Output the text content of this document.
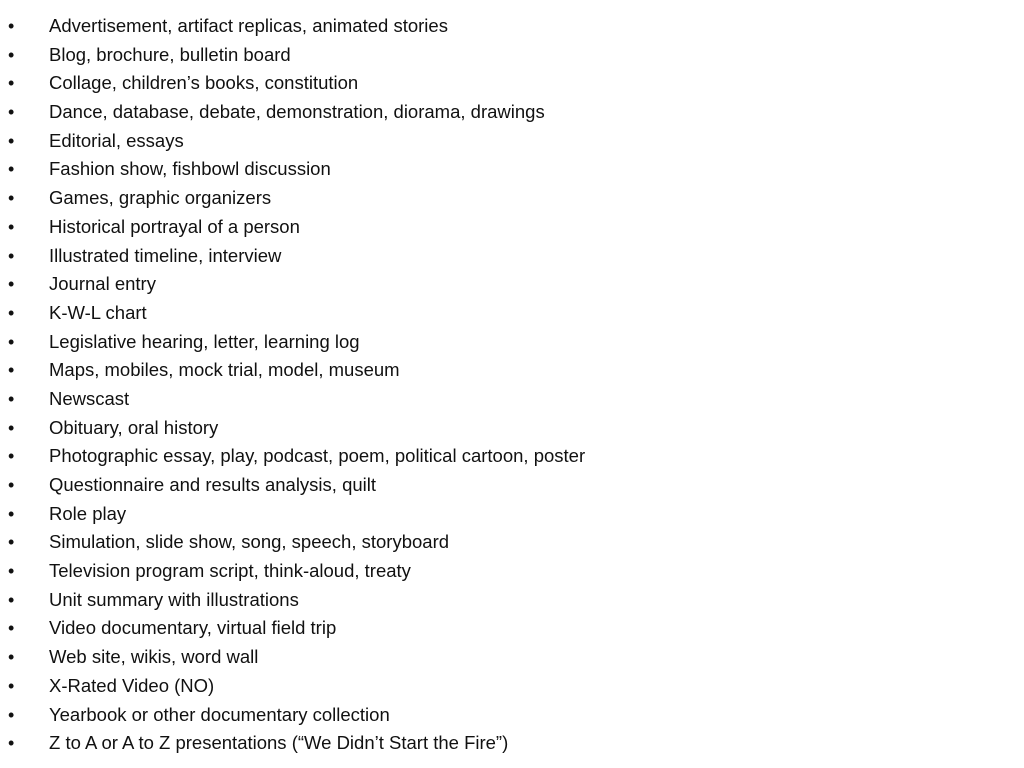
•	Advertisement, artifact replicas, animated stories
•	Blog, brochure, bulletin board
•	Collage, children’s books, constitution
•	Dance, database, debate, demonstration, diorama, drawings
•	Editorial, essays
•	Fashion show, fishbowl discussion
•	Games, graphic organizers
•	Historical portrayal of a person
•	Illustrated timeline, interview
•	Journal entry
•	K-W-L chart
•	Legislative hearing, letter, learning log
•	Maps, mobiles, mock trial, model, museum
•	Newscast
•	Obituary, oral history
•	Photographic essay, play, podcast, poem, political cartoon, poster
•	Questionnaire and results analysis, quilt
•	Role play
•	Simulation, slide show, song, speech, storyboard
•	Television program script, think-aloud, treaty
•	Unit summary with illustrations
•	Video documentary, virtual field trip
•	Web site, wikis, word wall
•	X-Rated Video (NO)
•	Yearbook or other documentary collection
•	Z to A or A to Z presentations (“We Didn’t Start the Fire”)
